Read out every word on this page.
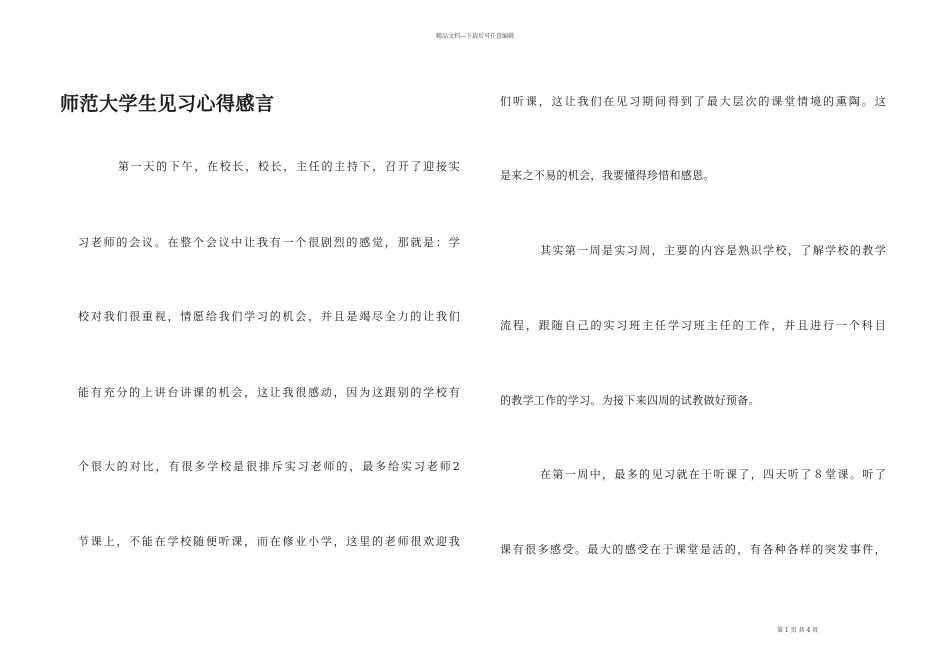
精品文档---下载后可任意编辑
师范大学生见习心得感言

第一天的下午，在校长，校长，主任的主持下，召开了迎接实

习老师的会议。在整个会议中让我有一个很剧烈的感觉，那就是：学

校对我们很重视，情愿给我们学习的机会，并且是竭尽全力的让我们

能有充分的上讲台讲课的机会，这让我很感动，因为这跟别的学校有

个很大的对比，有很多学校是很排斥实习老师的，最多给实习老师2

节课上，不能在学校随便听课，而在修业小学，这里的老师很欢迎我

们听课，这让我们在见习期间得到了最大层次的课堂情境的熏陶。这

是来之不易的机会，我要懂得珍惜和感恩。

其实第一周是实习周，主要的内容是熟识学校，了解学校的教学

流程，跟随自己的实习班主任学习班主任的工作，并且进行一个科目

的教学工作的学习。为接下来四周的试教做好预备。

在第一周中，最多的见习就在于听课了，四天听了８堂课。听了

课有很多感受。最大的感受在于课堂是活的，有各种各样的突发事件，

第 1 页 共 4 页
